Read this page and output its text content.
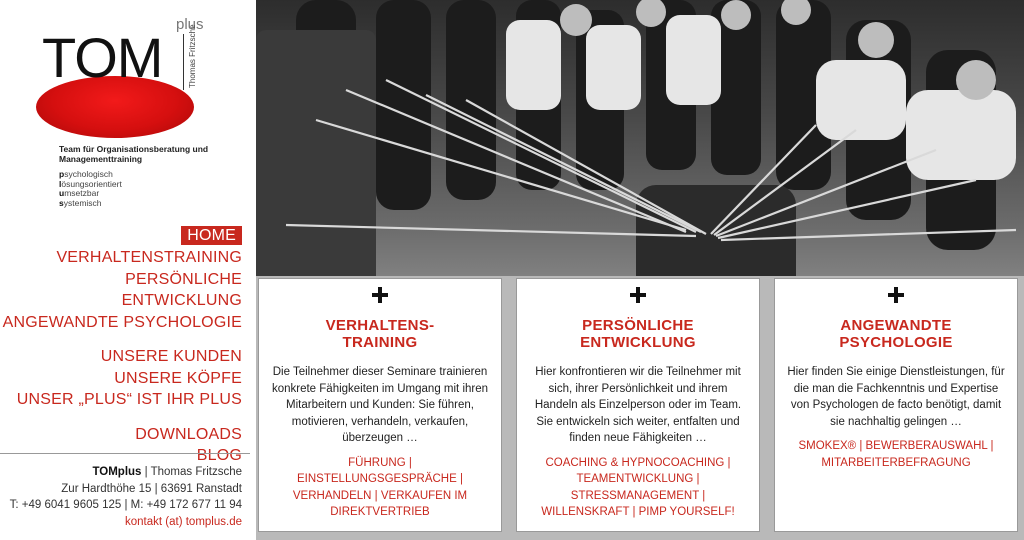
TOM
plus
Thomas Fritzsche
Team für Organisationsberatung und Managementtraining
psychologisch
lösungsorientiert
umsetzbar
systemisch
HOME
VERHALTENSTRAINING
PERSÖNLICHE ENTWICKLUNG
ANGEWANDTE PSYCHOLOGIE
UNSERE KUNDEN
UNSERE KÖPFE
UNSER „PLUS“ IST IHR PLUS
DOWNLOADS
BLOG
TOMplus | Thomas Fritzsche
Zur Hardthöhe 15 | 63691 Ranstadt
T: +49 6041 9605 125 | M: +49 172 677 11 94
kontakt (at) tomplus.de
VERHALTENS-
TRAINING
Die Teilnehmer dieser Seminare trainieren konkrete Fähigkeiten im Umgang mit ihren Mitarbeitern und Kunden: Sie führen, motivieren, verhandeln, verkaufen, überzeugen …
FÜHRUNG | EINSTELLUNGSGESPRÄCHE | VERHANDELN | VERKAUFEN IM DIREKTVERTRIEB
PERSÖNLICHE
ENTWICKLUNG
Hier konfrontieren wir die Teilnehmer mit sich, ihrer Persönlichkeit und ihrem Handeln als Einzelperson oder im Team. Sie entwickeln sich weiter, entfalten und finden neue Fähigkeiten …
COACHING & HYPNOCOACHING | TEAMENTWICKLUNG | STRESSMANAGEMENT | WILLENSKRAFT | PIMP YOURSELF!
ANGEWANDTE
PSYCHOLOGIE
Hier finden Sie einige Dienstleistungen, für die man die Fachkenntnis und Expertise von Psychologen de facto benötigt, damit sie nachhaltig gelingen …
SMOKEX® | BEWERBERAUSWAHL | MITARBEITERBEFRAGUNG
